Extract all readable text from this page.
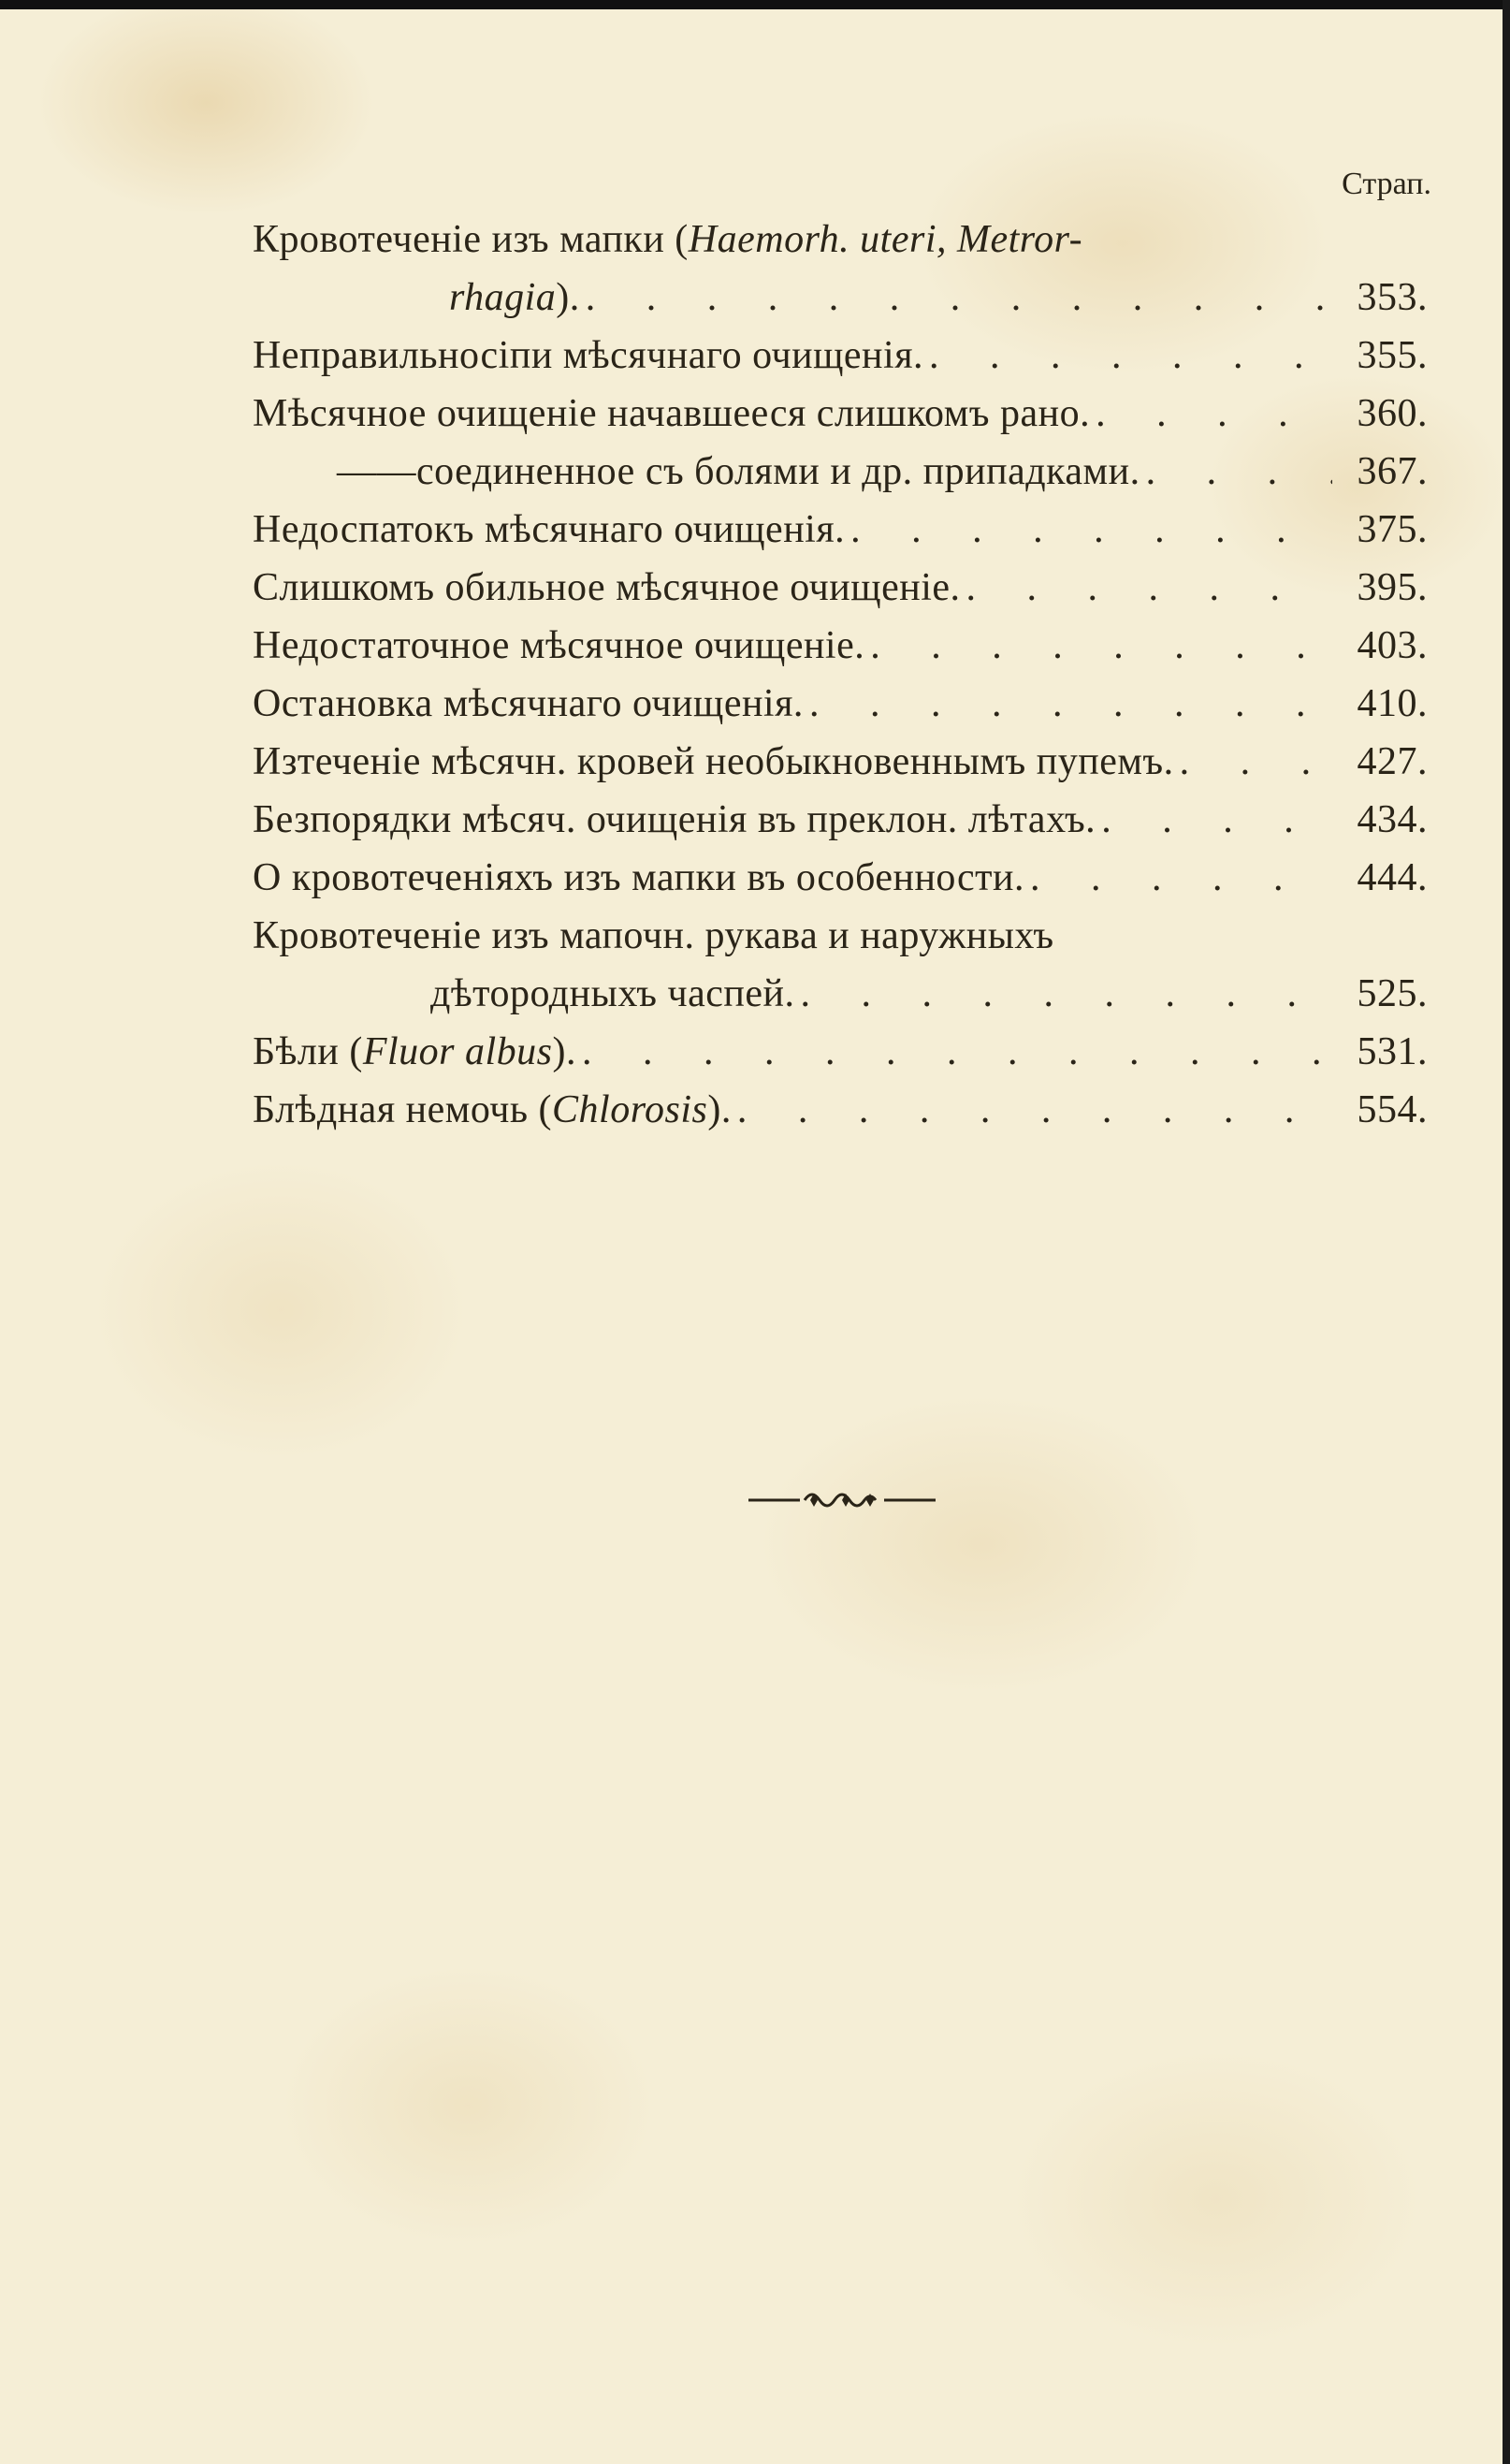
Страп.
Кровотеченіе изъ мапки (Haemorh. uteri, Metror-
rhagia). . . .	353.
Неправильносіпи мѣсячнаго очищенія. . . .	355.
Мѣсячное очищеніе начавшееся слишкомъ рано. . . .	360.
——соединенное съ болями и др. припадками. . . .	367.
Недоспатокъ мѣсячнаго очищенія. . . .	375.
Слишкомъ обильное мѣсячное очищеніе. . . .	395.
Недостаточное мѣсячное очищеніе. . . .	403.
Остановка мѣсячнаго очищенія. . . .	410.
Изтеченіе мѣсячн. кровей необыкновеннымъ пупемъ. . . .	427.
Безпорядки мѣсяч. очищенія въ преклон. лѣтахъ. . . .	434.
О кровотеченіяхъ изъ мапки въ особенности. . . .	444.
Кровотеченіе изъ мапочн. рукава и наружныхъ
дѣтородныхъ часпей. . . .	525.
Бѣли (Fluor albus). . . .	531.
Блѣдная немочь (Chlorosis). . . .	554.
